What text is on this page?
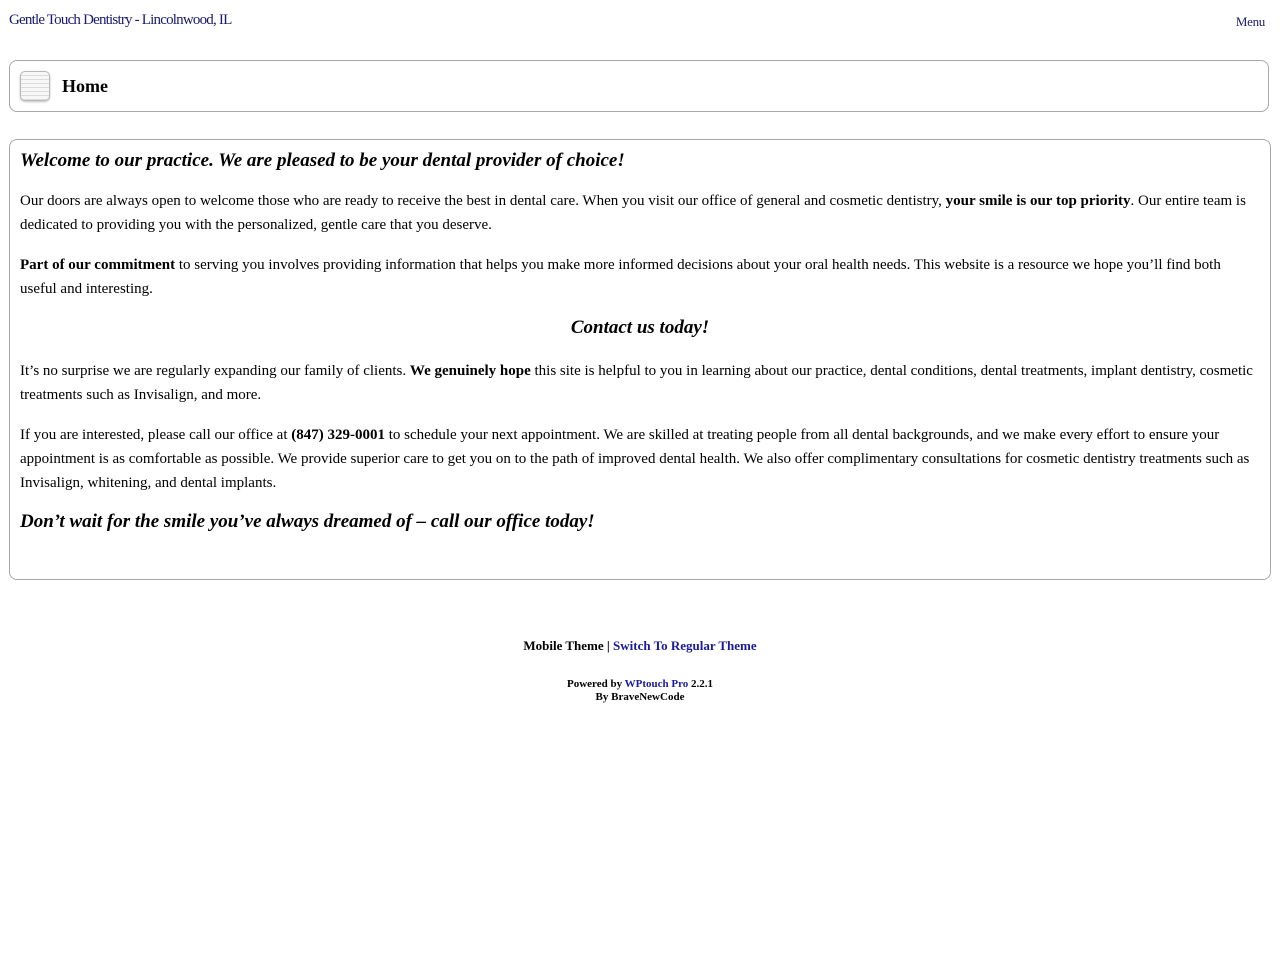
Gentle Touch Dentistry - Lincolnwood, IL	Menu
Home
Welcome to our practice. We are pleased to be your dental provider of choice!

Our doors are always open to welcome those who are ready to receive the best in dental care. When you visit our office of general and cosmetic dentistry, your smile is our top priority. Our entire team is dedicated to providing you with the personalized, gentle care that you deserve.

Part of our commitment to serving you involves providing information that helps you make more informed decisions about your oral health needs. This website is a resource we hope you’ll find both useful and interesting.

Contact us today!

It’s no surprise we are regularly expanding our family of clients. We genuinely hope this site is helpful to you in learning about our practice, dental conditions, dental treatments, implant dentistry, cosmetic treatments such as Invisalign, and more.

If you are interested, please call our office at (847) 329-0001 to schedule your next appointment. We are skilled at treating people from all dental backgrounds, and we make every effort to ensure your appointment is as comfortable as possible. We provide superior care to get you on to the path of improved dental health. We also offer complimentary consultations for cosmetic dentistry treatments such as Invisalign, whitening, and dental implants.

Don’t wait for the smile you’ve always dreamed of – call our office today!

Mobile Theme | Switch To Regular Theme

Powered by WPtouch Pro 2.2.1
By BraveNewCode
